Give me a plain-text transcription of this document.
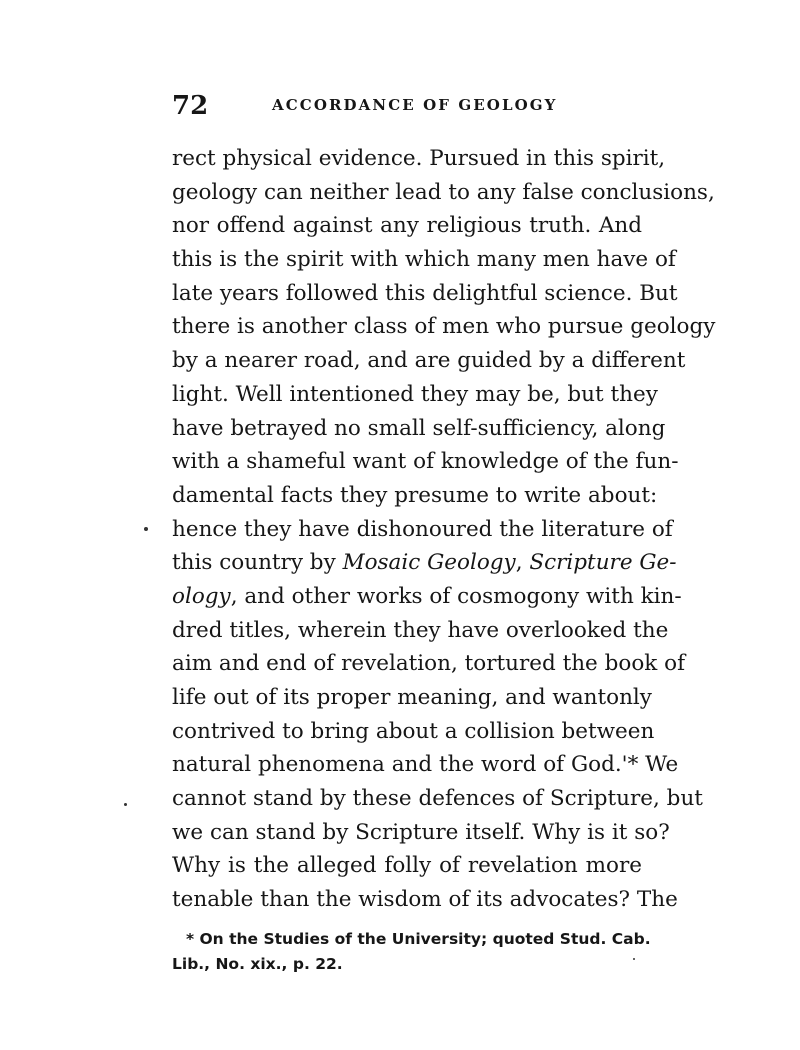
72	ACCORDANCE OF GEOLOGY
rect physical evidence. Pursued in this spirit,
geology can neither lead to any false conclusions,
nor offend against any religious truth. And
this is the spirit with which many men have of
late years followed this delightful science. But
there is another class of men who pursue geology
by a nearer road, and are guided by a different
light. Well intentioned they may be, but they
have betrayed no small self-sufficiency, along
with a shameful want of knowledge of the fun-
damental facts they presume to write about:
hence they have dishonoured the literature of
this country by Mosaic Geology, Scripture Ge-
ology, and other works of cosmogony with kin-
dred titles, wherein they have overlooked the
aim and end of revelation, tortured the book of
life out of its proper meaning, and wantonly
contrived to bring about a collision between
natural phenomena and the word of God.'* We
cannot stand by these defences of Scripture, but
we can stand by Scripture itself. Why is it so?
Why is the alleged folly of revelation more
tenable than the wisdom of its advocates? The
* On the Studies of the University; quoted Stud. Cab.
Lib., No. xix., p. 22.
